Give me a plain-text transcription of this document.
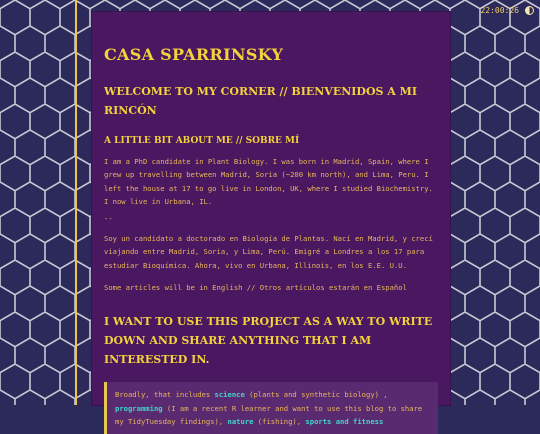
22:00:26
CASA SPARRINSKY
WELCOME TO MY CORNER // BIENVENIDOS A MI RINCÓN
A LITTLE BIT ABOUT ME // SOBRE MÍ

I am a PhD candidate in Plant Biology. I was born in Madrid, Spain, where I grew up travelling between Madrid, Soria (~200 km north), and Lima, Peru. I left the house at 17 to go live in London, UK, where I studied Biochemistry. I now live in Urbana, IL.

--

Soy un candidato a doctorado en Biología de Plantas. Nací en Madrid, y crecí viajando entre Madrid, Soria, y Lima, Perú. Emigré a Londres a los 17 para estudiar Bioquímica. Ahora, vivo en Urbana, Illinois, en los E.E. U.U.

Some articles will be in English // Otros artículos estarán en Español

I WANT TO USE THIS PROJECT AS A WAY TO WRITE DOWN AND SHARE ANYTHING THAT I AM INTERESTED IN.
Broadly, that includes science (plants and synthetic biology) , programming (I am a recent R learner and want to use this blog to share my TidyTuesday findings), nature (fishing), sports and fitness
